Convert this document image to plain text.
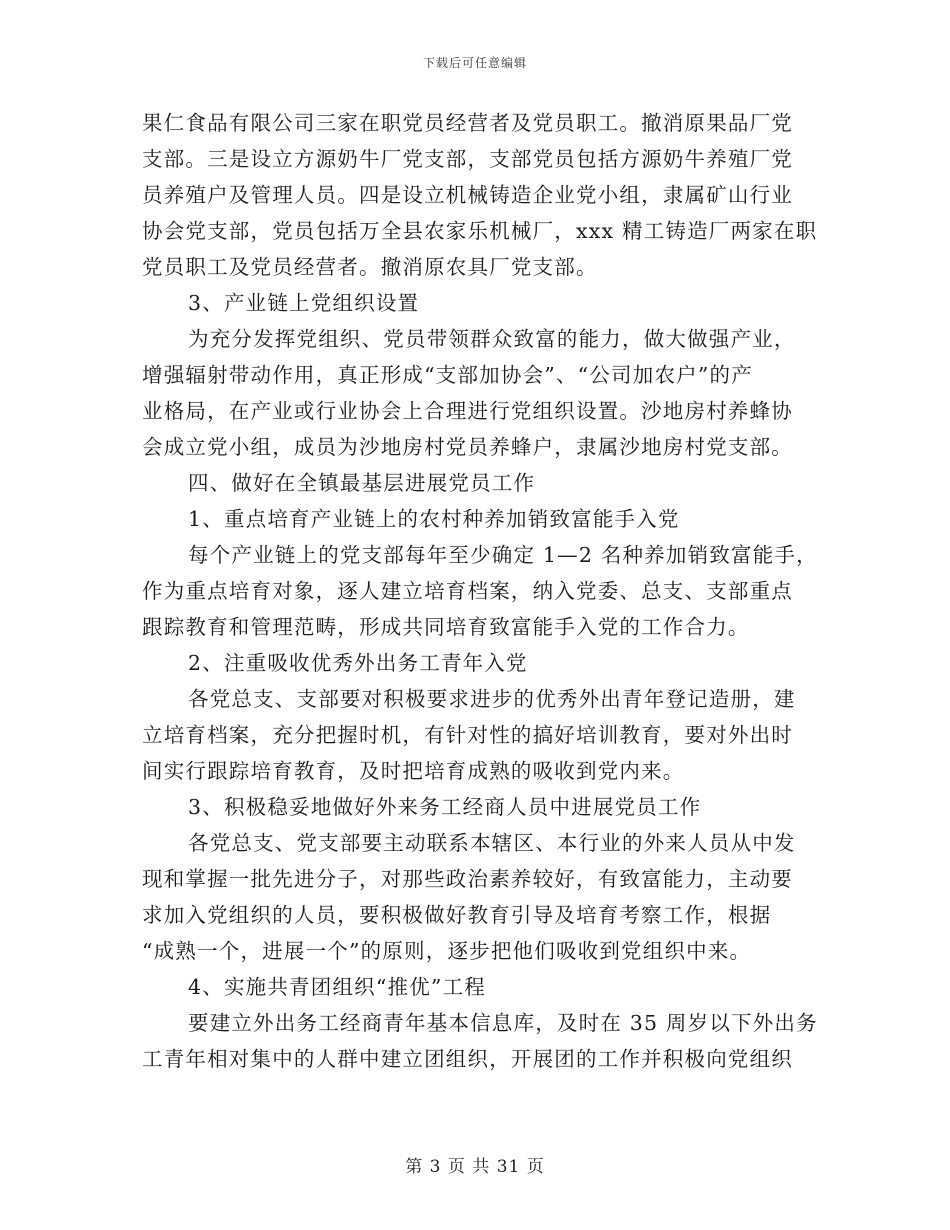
下载后可任意编辑
果仁食品有限公司三家在职党员经营者及党员职工。撤消原果品厂党
支部。三是设立方源奶牛厂党支部，支部党员包括方源奶牛养殖厂党
员养殖户及管理人员。四是设立机械铸造企业党小组，隶属矿山行业
协会党支部，党员包括万全县农家乐机械厂，xxx 精工铸造厂两家在职
党员职工及党员经营者。撤消原农具厂党支部。
3、产业链上党组织设置
为充分发挥党组织、党员带领群众致富的能力，做大做强产业，
增强辐射带动作用，真正形成“支部加协会”、“公司加农户”的产
业格局，在产业或行业协会上合理进行党组织设置。沙地房村养蜂协
会成立党小组，成员为沙地房村党员养蜂户，隶属沙地房村党支部。
四、做好在全镇最基层进展党员工作
1、重点培育产业链上的农村种养加销致富能手入党
每个产业链上的党支部每年至少确定 1—2 名种养加销致富能手，
作为重点培育对象，逐人建立培育档案，纳入党委、总支、支部重点
跟踪教育和管理范畴，形成共同培育致富能手入党的工作合力。
2、注重吸收优秀外出务工青年入党
各党总支、支部要对积极要求进步的优秀外出青年登记造册，建
立培育档案，充分把握时机，有针对性的搞好培训教育，要对外出时
间实行跟踪培育教育，及时把培育成熟的吸收到党内来。
3、积极稳妥地做好外来务工经商人员中进展党员工作
各党总支、党支部要主动联系本辖区、本行业的外来人员从中发
现和掌握一批先进分子，对那些政治素养较好，有致富能力，主动要
求加入党组织的人员，要积极做好教育引导及培育考察工作，根据
“成熟一个，进展一个”的原则，逐步把他们吸收到党组织中来。
4、实施共青团组织“推优”工程
要建立外出务工经商青年基本信息库，及时在 35 周岁以下外出务
工青年相对集中的人群中建立团组织，开展团的工作并积极向党组织
第 3 页 共 31 页
